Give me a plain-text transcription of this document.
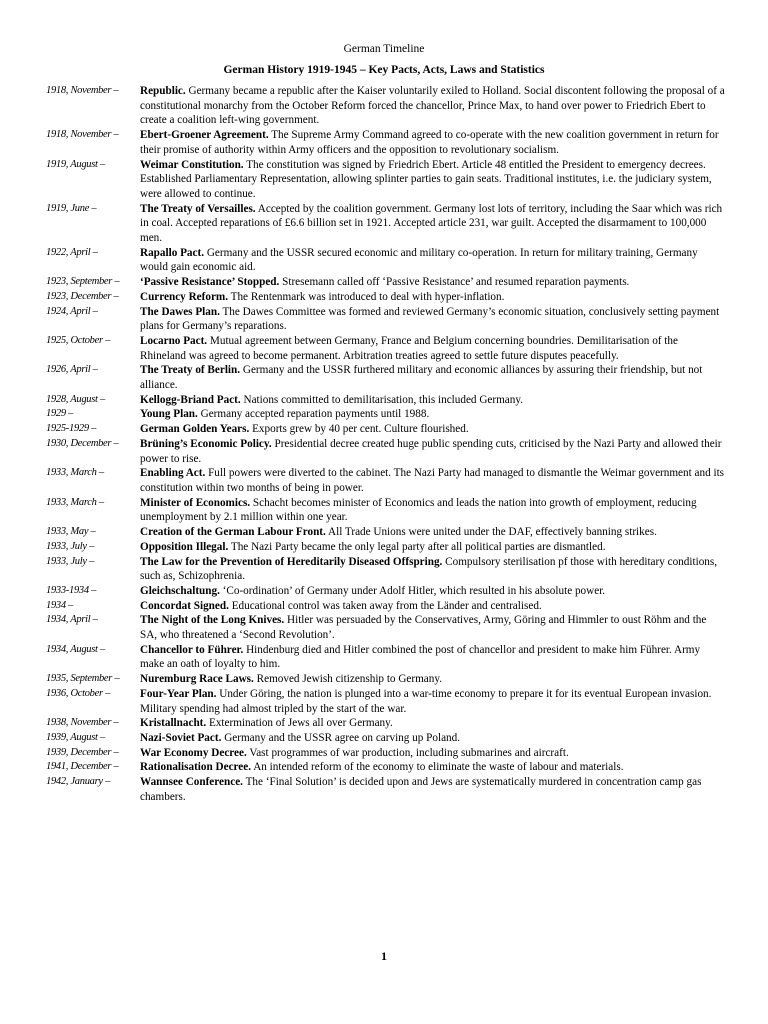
German Timeline
German History 1919-1945 – Key Pacts, Acts, Laws and Statistics
1918, November –	Republic. Germany became a republic after the Kaiser voluntarily exiled to Holland. Social discontent following the proposal of a constitutional monarchy from the October Reform forced the chancellor, Prince Max, to hand over power to Friedrich Ebert to create a coalition left-wing government.
1918, November –	Ebert-Groener Agreement. The Supreme Army Command agreed to co-operate with the new coalition government in return for their promise of authority within Army officers and the opposition to revolutionary socialism.
1919, August –	Weimar Constitution. The constitution was signed by Friedrich Ebert. Article 48 entitled the President to emergency decrees. Established Parliamentary Representation, allowing splinter parties to gain seats. Traditional institutes, i.e. the judiciary system, were allowed to continue.
1919, June –	The Treaty of Versailles. Accepted by the coalition government. Germany lost lots of territory, including the Saar which was rich in coal. Accepted reparations of £6.6 billion set in 1921. Accepted article 231, war guilt. Accepted the disarmament to 100,000 men.
1922, April –	Rapallo Pact. Germany and the USSR secured economic and military co-operation. In return for military training, Germany would gain economic aid.
1923, September –	‘Passive Resistance’ Stopped. Stresemann called off ‘Passive Resistance’ and resumed reparation payments.
1923, December –	Currency Reform. The Rentenmark was introduced to deal with hyper-inflation.
1924, April –	The Dawes Plan. The Dawes Committee was formed and reviewed Germany’s economic situation, conclusively setting payment plans for Germany’s reparations.
1925, October –	Locarno Pact. Mutual agreement between Germany, France and Belgium concerning boundries. Demilitarisation of the Rhineland was agreed to become permanent. Arbitration treaties agreed to settle future disputes peacefully.
1926, April –	The Treaty of Berlin. Germany and the USSR furthered military and economic alliances by assuring their friendship, but not alliance.
1928, August –	Kellogg-Briand Pact. Nations committed to demilitarisation, this included Germany.
1929 –	Young Plan. Germany accepted reparation payments until 1988.
1925-1929 –	German Golden Years. Exports grew by 40 per cent. Culture flourished.
1930, December –	Brüning’s Economic Policy. Presidential decree created huge public spending cuts, criticised by the Nazi Party and allowed their power to rise.
1933, March –	Enabling Act. Full powers were diverted to the cabinet. The Nazi Party had managed to dismantle the Weimar government and its constitution within two months of being in power.
1933, March –	Minister of Economics. Schacht becomes minister of Economics and leads the nation into growth of employment, reducing unemployment by 2.1 million within one year.
1933, May –	Creation of the German Labour Front. All Trade Unions were united under the DAF, effectively banning strikes.
1933, July –	Opposition Illegal. The Nazi Party became the only legal party after all political parties are dismantled.
1933, July –	The Law for the Prevention of Hereditarily Diseased Offspring. Compulsory sterilisation pf those with hereditary conditions, such as, Schizophrenia.
1933-1934 –	Gleichschaltung. ‘Co-ordination’ of Germany under Adolf Hitler, which resulted in his absolute power.
1934 –	Concordat Signed. Educational control was taken away from the Länder and centralised.
1934, April –	The Night of the Long Knives. Hitler was persuaded by the Conservatives, Army, Göring and Himmler to oust Röhm and the SA, who threatened a ‘Second Revolution’.
1934, August –	Chancellor to Führer. Hindenburg died and Hitler combined the post of chancellor and president to make him Führer. Army make an oath of loyalty to him.
1935, September –	Nuremburg Race Laws. Removed Jewish citizenship to Germany.
1936, October –	Four-Year Plan. Under Göring, the nation is plunged into a war-time economy to prepare it for its eventual European invasion. Military spending had almost tripled by the start of the war.
1938, November –	Kristallnacht. Extermination of Jews all over Germany.
1939, August –	Nazi-Soviet Pact. Germany and the USSR agree on carving up Poland.
1939, December –	War Economy Decree. Vast programmes of war production, including submarines and aircraft.
1941, December –	Rationalisation Decree. An intended reform of the economy to eliminate the waste of labour and materials.
1942, January –	Wannsee Conference. The ‘Final Solution’ is decided upon and Jews are systematically murdered in concentration camp gas chambers.
1
